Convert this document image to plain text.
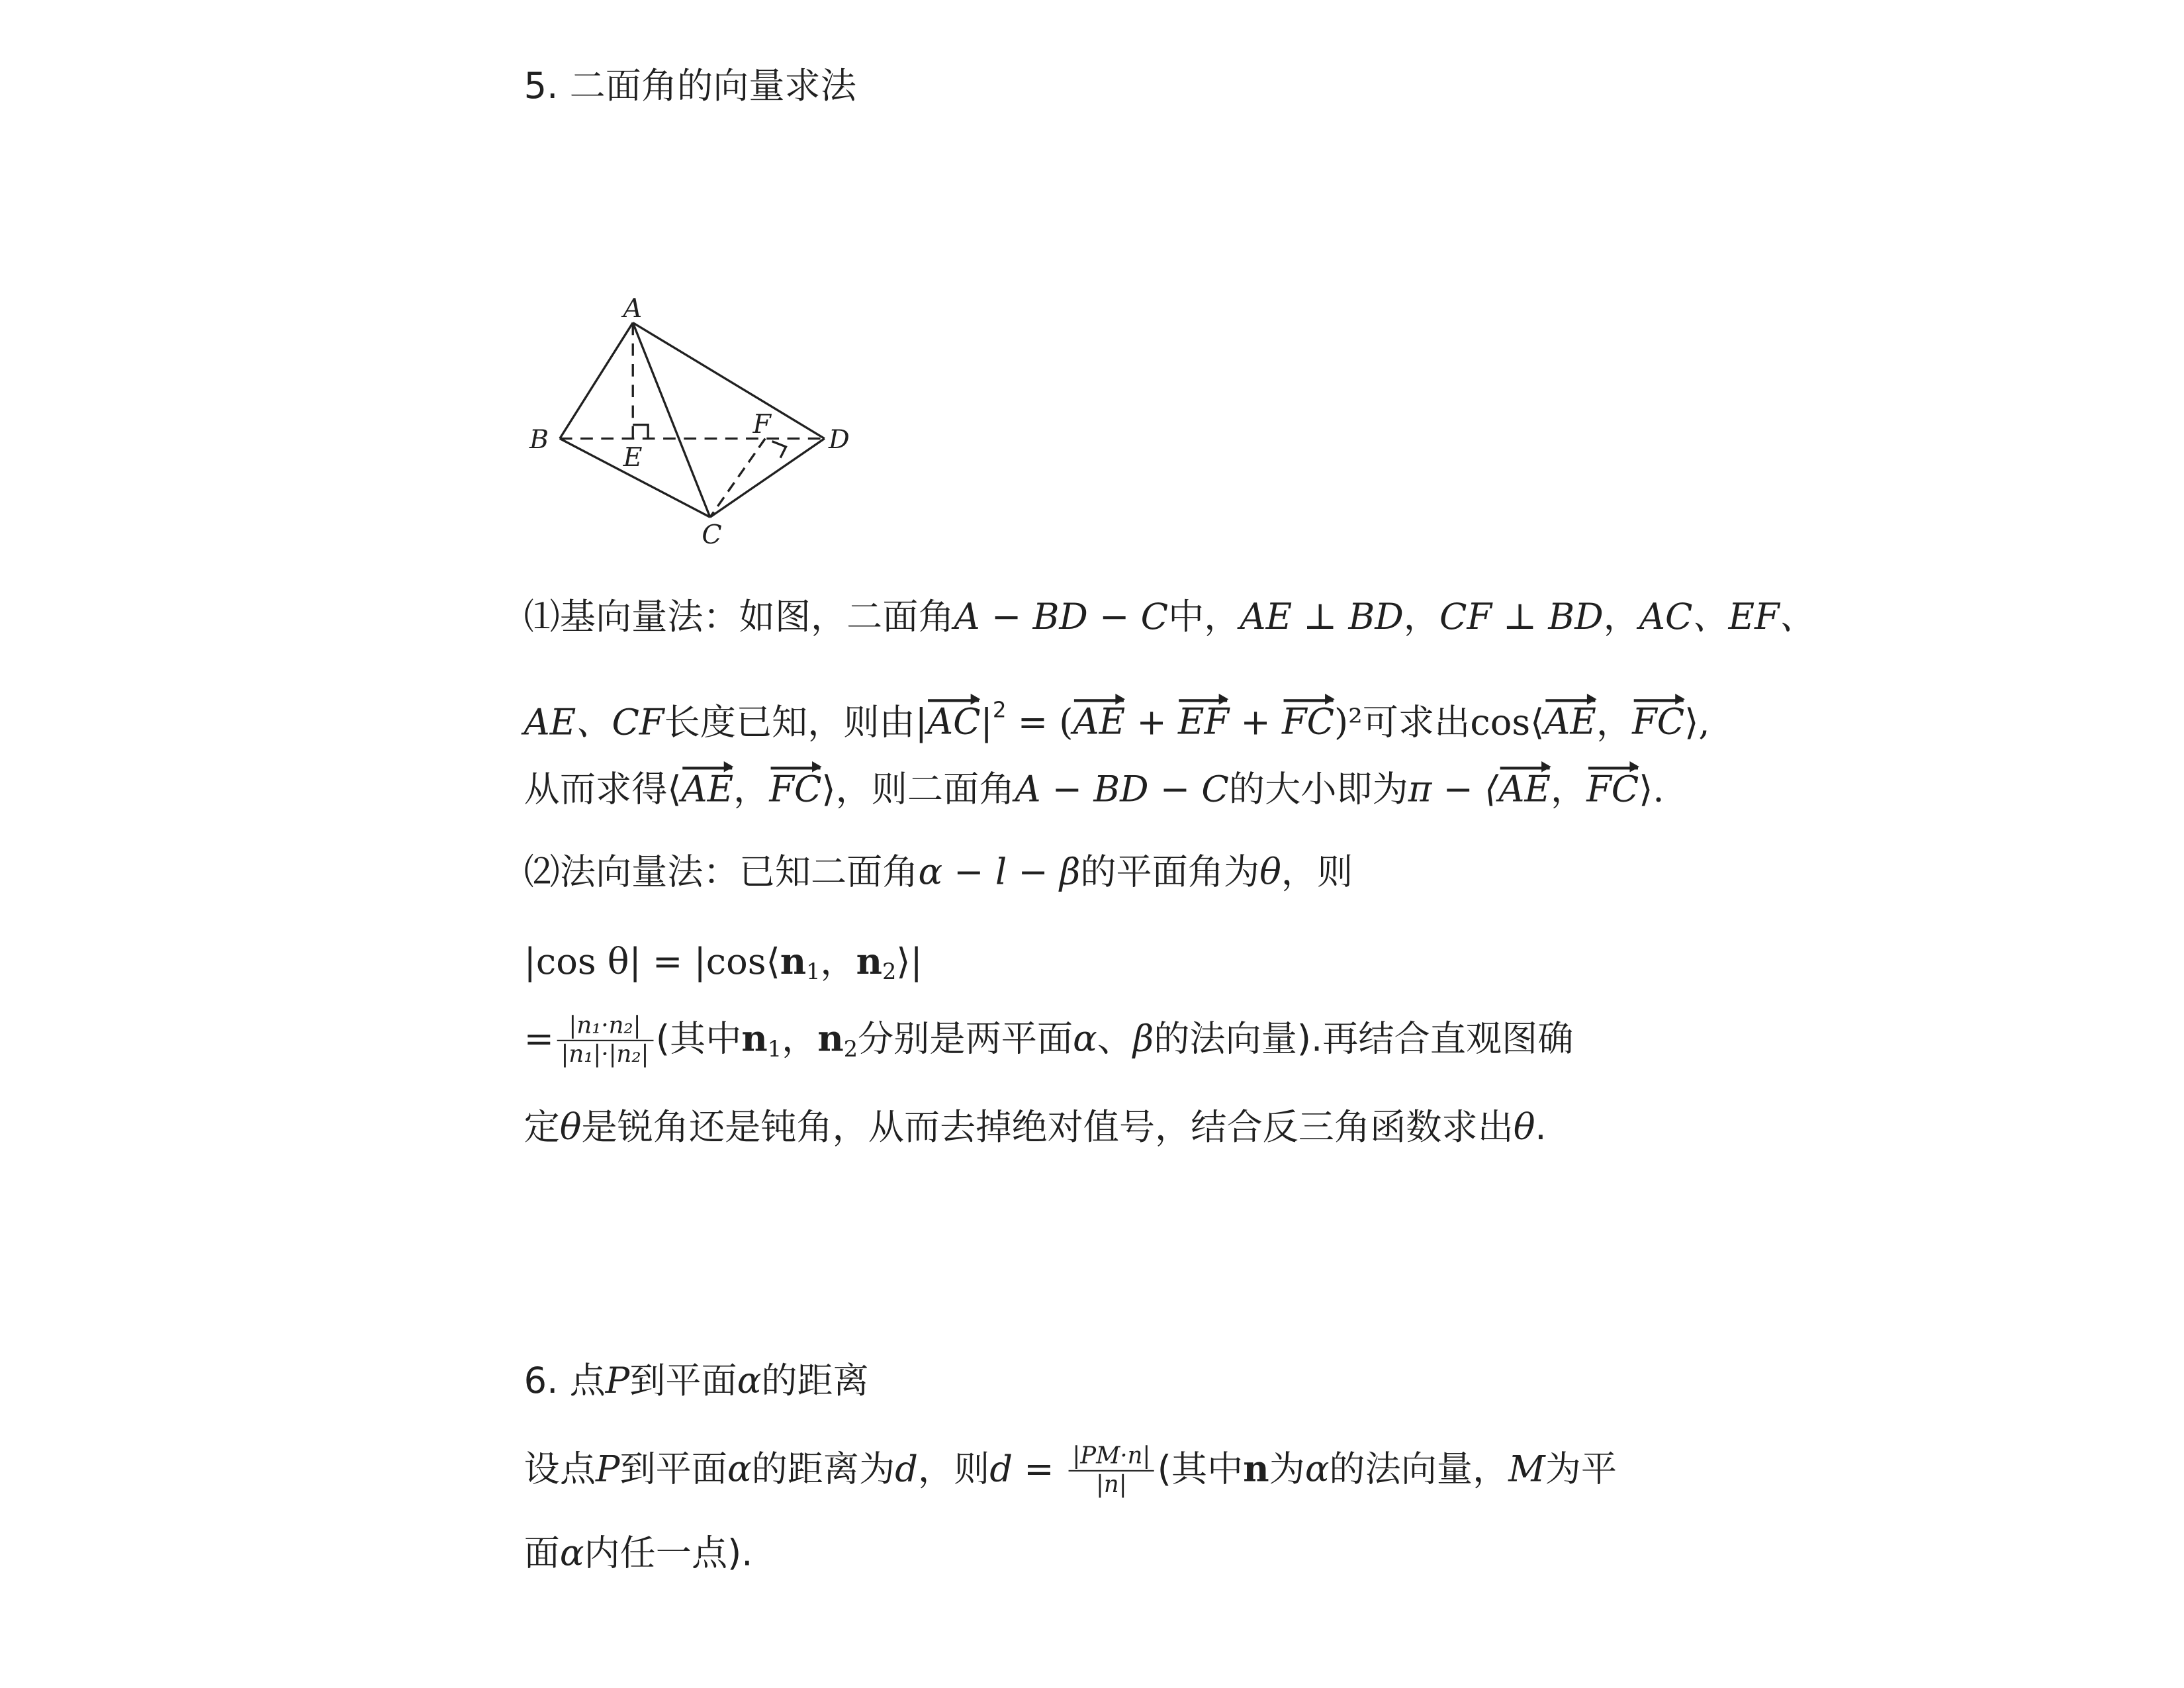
5. 二面角的向量求法
A
B
C
D
E
F
⑴基向量法：如图，二面角A − BD − C中，AE ⊥ BD，CF ⊥ BD，AC、EF、
AE、CF长度已知，则由$|AC|^2 = (AE$ + EF + FC)²可求出cos⟨AE，FC⟩,
从而求得⟨AE，FC⟩，则二面角A − BD − C的大小即为π − ⟨AE，FC⟩.
⑵法向量法：已知二面角α − l − β的平面角为θ，则
|cos $\theta| = |\cos⟨n_1$，$n_2⟩|$
= $\frac{\text{|n₁·n₂|}}{\text{|n₁|·|n₂|}}$ (其中$n_1$，$n_2$分别是两平面α、β的法向量).再结合直观图确
定θ是锐角还是钝角，从而去掉绝对值号，结合反三角函数求出θ.
6. 点P到平面α的距离
设点P到平面α的距离为d，则$d = \frac{|PM\cdot n|}{|n|}$ (其中n为α的法向量，M为平
面α内任一点).
